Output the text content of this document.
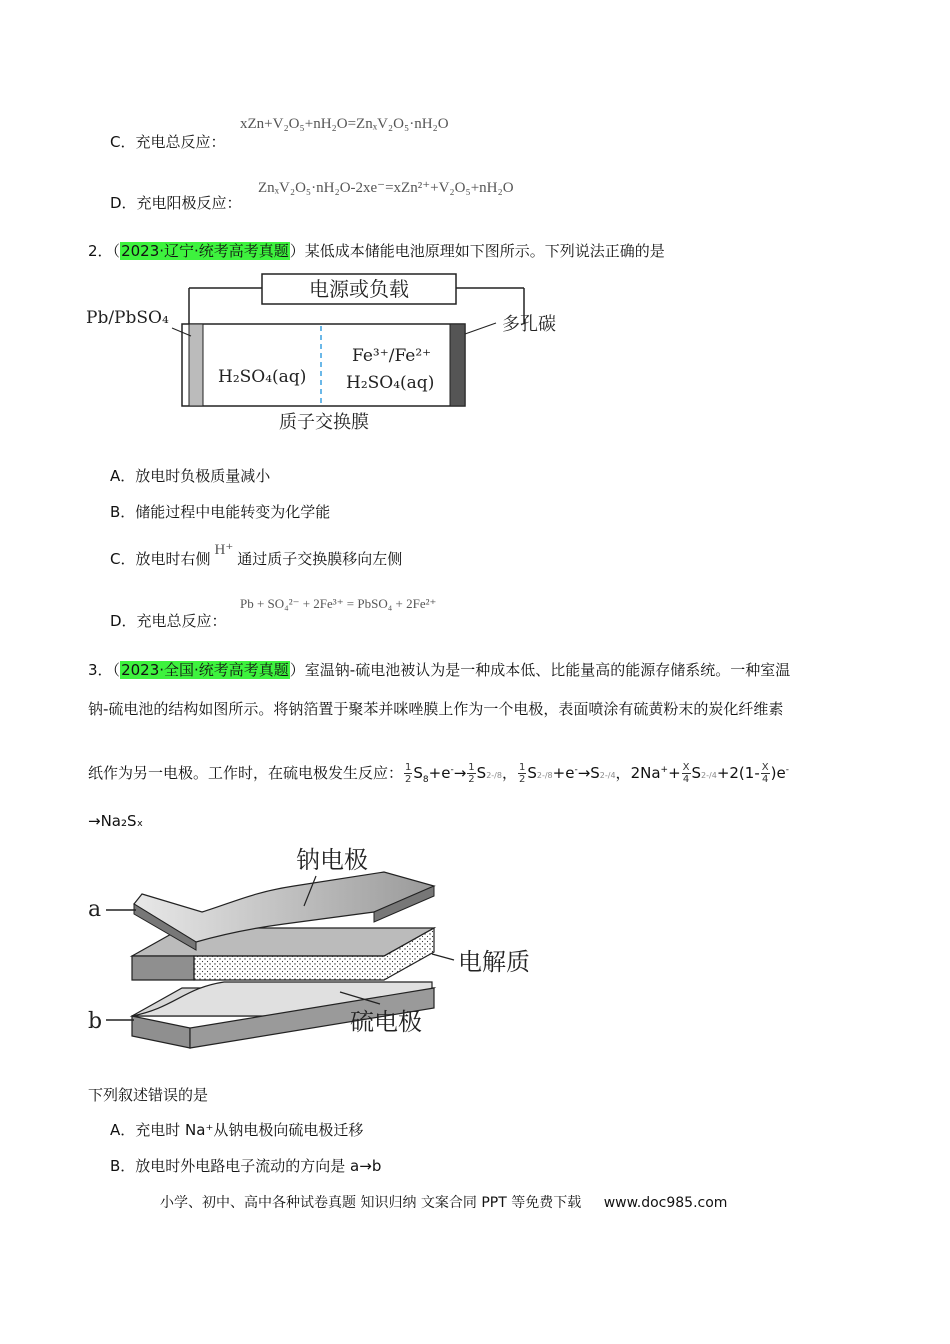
C．充电总反应：
xZn+V₂O₅+nH₂O=ZnₓV₂O₅·nH₂O
D．充电阳极反应：
ZnₓV₂O₅·nH₂O-2xe⁻=xZn²⁺+V₂O₅+nH₂O
2．（2023·辽宁·统考高考真题）某低成本储能电池原理如下图所示。下列说法正确的是
电源或负载
Pb/PbSO₄	多孔碳
H₂SO₄(aq)
Fe³⁺/Fe²⁺
H₂SO₄(aq)
质子交换膜
A．放电时负极质量减小
B．储能过程中电能转变为化学能
C．放电时右侧 H⁺ 通过质子交换膜移向左侧
D．充电总反应：
Pb + SO₄²⁻ + 2Fe³⁺ = PbSO₄ + 2Fe²⁺
3．（2023·全国·统考高考真题）室温钠-硫电池被认为是一种成本低、比能量高的能源存储系统。一种室温
钠-硫电池的结构如图所示。将钠箔置于聚苯并咪唑膜上作为一个电极，表面喷涂有硫黄粉末的炭化纤维素
纸作为另一电极。工作时，在硫电极发生反应： $\frac{1}{2} S_8+e^-\to \frac{1}{2} S2-/8$， $\frac{1}{2} S2-/8+e^-\to S2-/4$，$2Na^++ \frac{X}{4} S2-/4+2(1- \frac{X}{4} )e^-$
→Na₂Sₓ
a
b
钠电极
电解质
硫电极
下列叙述错误的是
A．充电时 Na⁺从钠电极向硫电极迁移
B．放电时外电路电子流动的方向是 a→b
小学、初中、高中各种试卷真题 知识归纳 文案合同 PPT 等免费下载 www.doc985.com
